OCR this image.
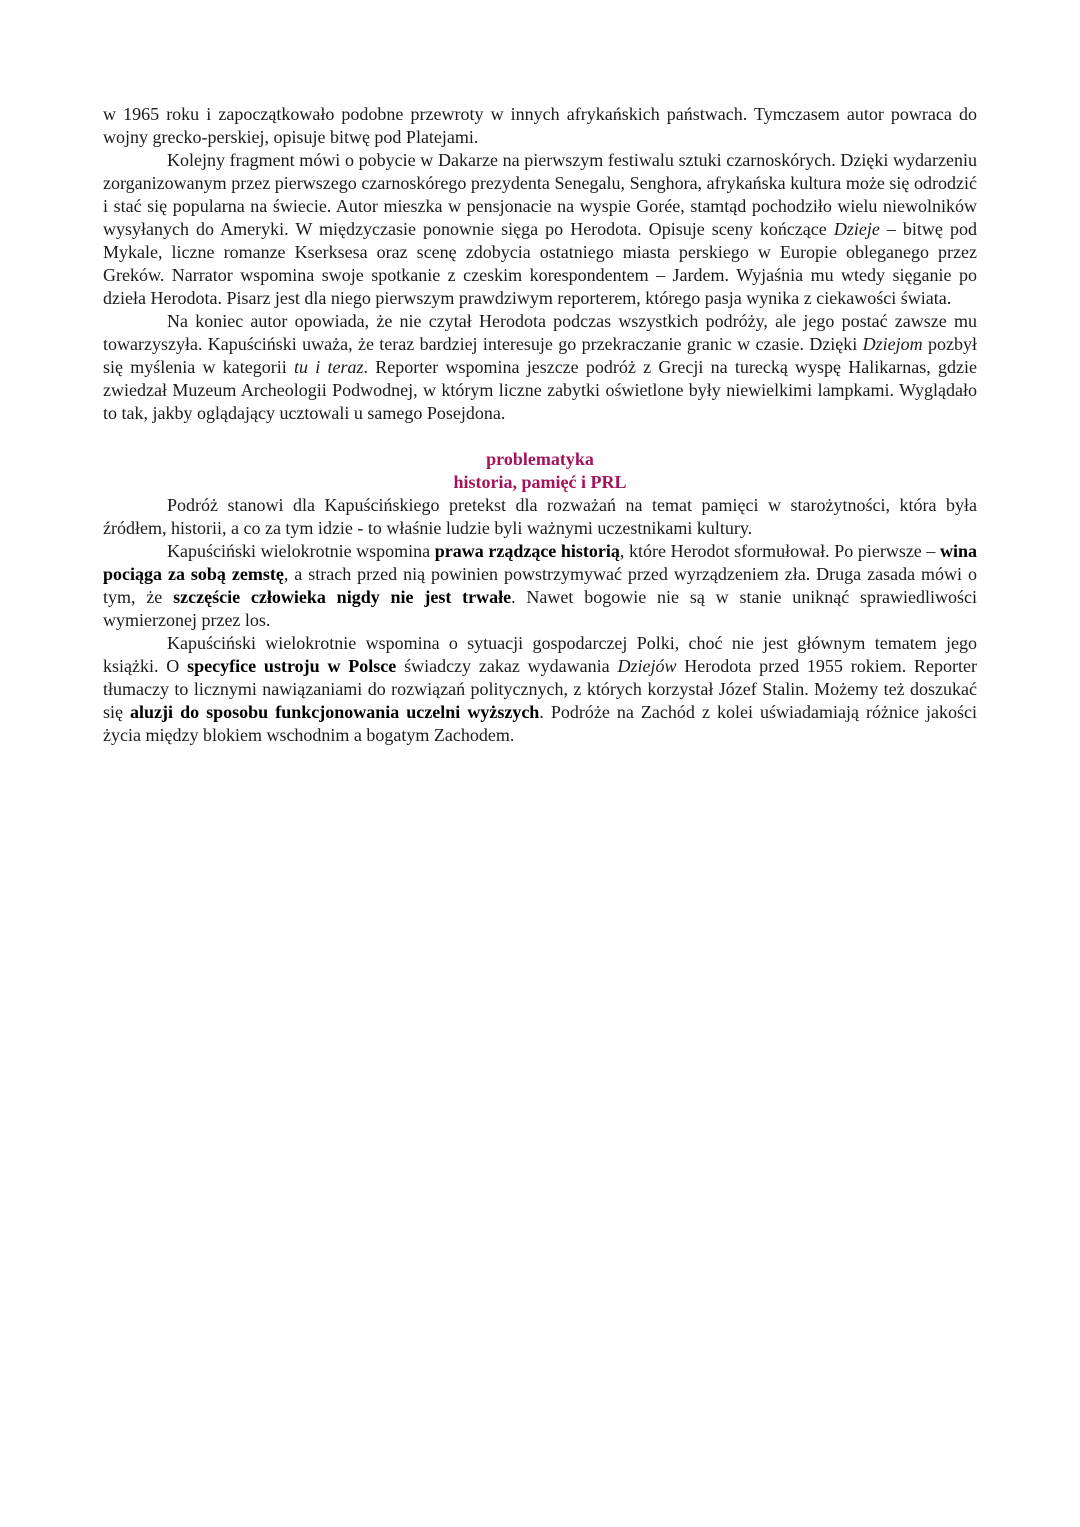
w 1965 roku i zapoczątkowało podobne przewroty w innych afrykańskich państwach. Tymczasem autor powraca do wojny grecko-perskiej, opisuje bitwę pod Platejami.

Kolejny fragment mówi o pobycie w Dakarze na pierwszym festiwalu sztuki czarnoskórych. Dzięki wydarzeniu zorganizowanym przez pierwszego czarnoskórego prezydenta Senegalu, Senghora, afrykańska kultura może się odrodzić i stać się popularna na świecie. Autor mieszka w pensjonacie na wyspie Gorée, stamtąd pochodziło wielu niewolników wysyłanych do Ameryki. W międzyczasie ponownie sięga po Herodota. Opisuje sceny kończące Dzieje – bitwę pod Mykale, liczne romanze Kserksesa oraz scenę zdobycia ostatniego miasta perskiego w Europie obleganego przez Greków. Narrator wspomina swoje spotkanie z czeskim korespondentem – Jardem. Wyjaśnia mu wtedy sięganie po dzieła Herodota. Pisarz jest dla niego pierwszym prawdziwym reporterem, którego pasja wynika z ciekawości świata.

Na koniec autor opowiada, że nie czytał Herodota podczas wszystkich podróży, ale jego postać zawsze mu towarzyszyła. Kapuściński uważa, że teraz bardziej interesuje go przekraczanie granic w czasie. Dzięki Dziejom pozbył się myślenia w kategorii tu i teraz. Reporter wspomina jeszcze podróż z Grecji na turecką wyspę Halikarnas, gdzie zwiedzał Muzeum Archeologii Podwodnej, w którym liczne zabytki oświetlone były niewielkimi lampkami. Wyglądało to tak, jakby oglądający ucztowali u samego Posejdona.

problematyka
historia, pamięć i PRL

Podróż stanowi dla Kapuścińskiego pretekst dla rozważań na temat pamięci w starożytności, która była źródłem, historii, a co za tym idzie - to właśnie ludzie byli ważnymi uczestnikami kultury.

Kapuściński wielokrotnie wspomina prawa rządzące historią, które Herodot sformułował. Po pierwsze – wina pociąga za sobą zemstę, a strach przed nią powinien powstrzymywać przed wyrządzeniem zła. Druga zasada mówi o tym, że szczęście człowieka nigdy nie jest trwałe. Nawet bogowie nie są w stanie uniknąć sprawiedliwości wymierzonej przez los.

Kapuściński wielokrotnie wspomina o sytuacji gospodarczej Polki, choć nie jest głównym tematem jego książki. O specyfice ustroju w Polsce świadczy zakaz wydawania Dziejów Herodota przed 1955 rokiem. Reporter tłumaczy to licznymi nawiązaniami do rozwiązań politycznych, z których korzystał Józef Stalin. Możemy też doszukać się aluzji do sposobu funkcjonowania uczelni wyższych. Podróże na Zachód z kolei uświadamiają różnice jakości życia między blokiem wschodnim a bogatym Zachodem.
